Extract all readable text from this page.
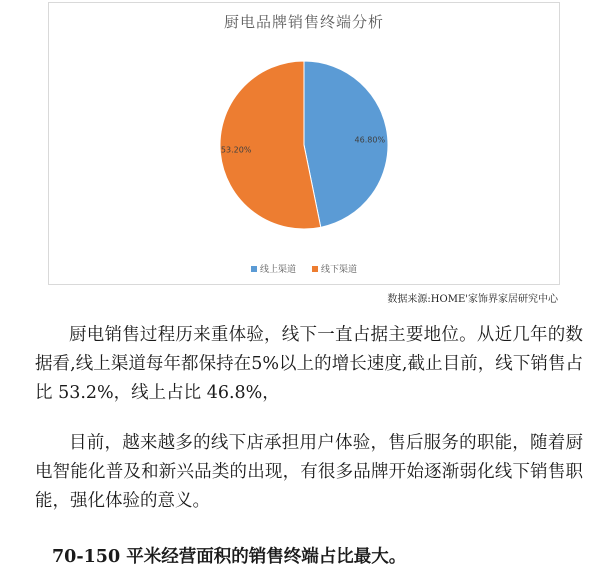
厨电品牌销售终端分析
46.80%
53.20%
线上渠道	线下渠道
数据来源:HOME'家饰界家居研究中心

厨电销售过程历来重体验，线下一直占据主要地位。从近几年的数据看,线上渠道每年都保持在5%以上的增长速度,截止目前，线下销售占比 53.2%，线上占比 46.8%，

目前，越来越多的线下店承担用户体验，售后服务的职能，随着厨电智能化普及和新兴品类的出现，有很多品牌开始逐渐弱化线下销售职能，强化体验的意义。

70-150 平米经营面积的销售终端占比最大。
